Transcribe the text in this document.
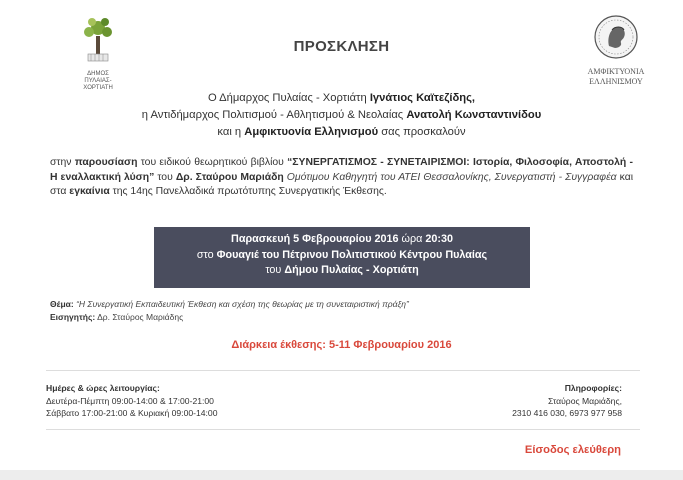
ΔΗΜΟΣ
ΠΥΛΑΙΑΣ-ΧΟΡΤΙΑΤΗ
ΑΜΦΙΚΤΥΟΝΙΑ
ΕΛΛΗΝΙΣΜΟΥ
ΠΡΟΣΚΛΗΣΗ
Ο Δήμαρχος Πυλαίας - Χορτιάτη Ιγνάτιος Καϊτεζίδης,
η Αντιδήμαρχος Πολιτισμού - Αθλητισμού & Νεολαίας Ανατολή Κωνσταντινίδου
και η Αμφικτυονία Ελληνισμού σας προσκαλούν
στην παρουσίαση του ειδικού θεωρητικού βιβλίου “ΣΥΝΕΡΓΑΤΙΣΜΟΣ - ΣΥΝΕΤΑΙΡΙΣΜΟΙ: Ιστορία, Φιλοσοφία, Αποστολή - Η εναλλακτική λύση” του Δρ. Σταύρου Μαριάδη Ομότιμου Καθηγητή του ΑΤΕΙ Θεσσαλονίκης, Συνεργατιστή - Συγγραφέα και στα εγκαίνια της 14ης Πανελλαδικά πρωτότυπης Συνεργατικής Έκθεσης.
Παρασκευή 5 Φεβρουαρίου 2016 ώρα 20:30
στο Φουαγιέ του Πέτρινου Πολιτιστικού Κέντρου Πυλαίας
του Δήμου Πυλαίας - Χορτιάτη
Θέμα: “Η Συνεργατική Εκπαιδευτική Έκθεση και σχέση της θεωρίας με τη συνεταιριστική πράξη”
Εισηγητής: Δρ. Σταύρος Μαριάδης
Διάρκεια έκθεσης: 5-11 Φεβρουαρίου 2016
Ημέρες & ώρες λειτουργίας:
Δευτέρα-Πέμπτη 09:00-14:00 & 17:00-21:00
Σάββατο 17:00-21:00 & Κυριακή 09:00-14:00
Πληροφορίες:
Σταύρος Μαριάδης,
2310 416 030, 6973 977 958
Είσοδος ελεύθερη
